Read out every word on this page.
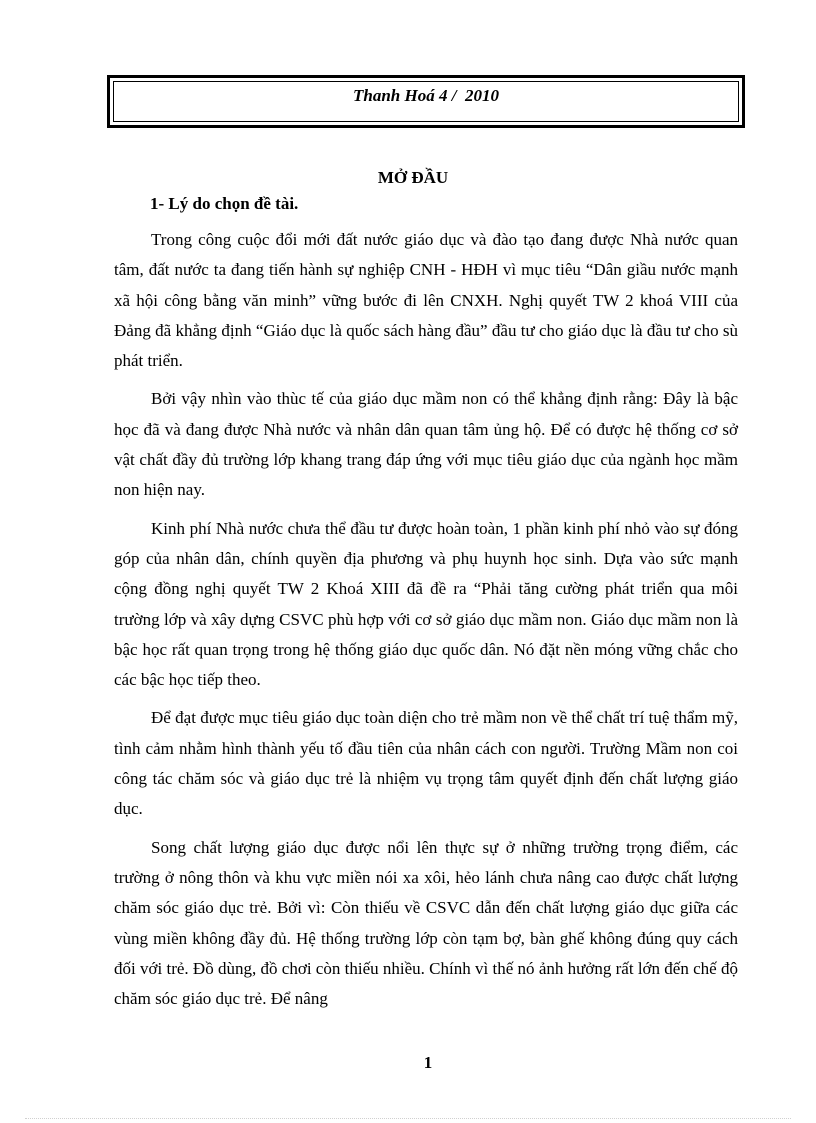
Thanh Hoá 4 /  2010
MỞ ĐẦU
1- Lý do chọn đề tài.

Trong công cuộc đổi mới đất nước giáo dục và đào tạo đang được Nhà nước quan tâm, đất nước ta đang tiến hành sự nghiệp CNH - HĐH vì mục tiêu “Dân giầu nước mạnh xã hội công bằng văn minh” vững bước đi lên CNXH. Nghị quyết TW 2 khoá VIII của Đảng đã khẳng định “Giáo dục là quốc sách hàng đầu” đầu tư cho giáo dục là đầu tư cho sù phát triển.

Bởi vậy nhìn vào thùc tế của giáo dục mầm non có thể khẳng định rằng: Đây là bậc học đã và đang được Nhà nước và nhân dân quan tâm ủng hộ. Để có được hệ thống cơ sở vật chất đầy đủ trường lớp khang trang đáp ứng với mục tiêu giáo dục của ngành học mầm non hiện nay.

Kinh phí Nhà nước chưa thể đầu tư được hoàn toàn, 1 phần kinh phí nhỏ vào sự đóng góp của nhân dân, chính quyền địa phương và phụ huynh học sinh. Dựa vào sức mạnh cộng đồng nghị quyết TW 2 Khoá XIII đã đề ra “Phải tăng cường phát triển qua môi trường lớp và xây dựng CSVC phù hợp với cơ sở giáo dục mầm non. Giáo dục mầm non là bậc học rất quan trọng trong hệ thống giáo dục quốc dân. Nó đặt nền móng vững chắc cho các bậc học tiếp theo.

Để đạt được mục tiêu giáo dục toàn diện cho trẻ mầm non về thể chất trí tuệ thẩm mỹ, tình cảm nhằm hình thành yếu tố đầu tiên của nhân cách con người. Trường Mầm non coi công tác chăm sóc và giáo dục trẻ là nhiệm vụ trọng tâm quyết định đến chất lượng giáo dục.

Song chất lượng giáo dục được nổi lên thực sự ở những trường trọng điểm, các trường ở nông thôn và khu vực miền nói xa xôi, hẻo lánh chưa nâng cao được chất lượng chăm sóc giáo dục trẻ. Bởi vì: Còn thiếu về CSVC dẫn đến chất lượng giáo dục giữa các vùng miền không đầy đủ. Hệ thống trường lớp còn tạm bợ, bàn ghế không đúng quy cách đối với trẻ. Đồ dùng, đồ chơi còn thiếu nhiều. Chính vì thế nó ảnh hưởng rất lớn đến chế độ chăm sóc giáo dục trẻ. Để nâng

1
